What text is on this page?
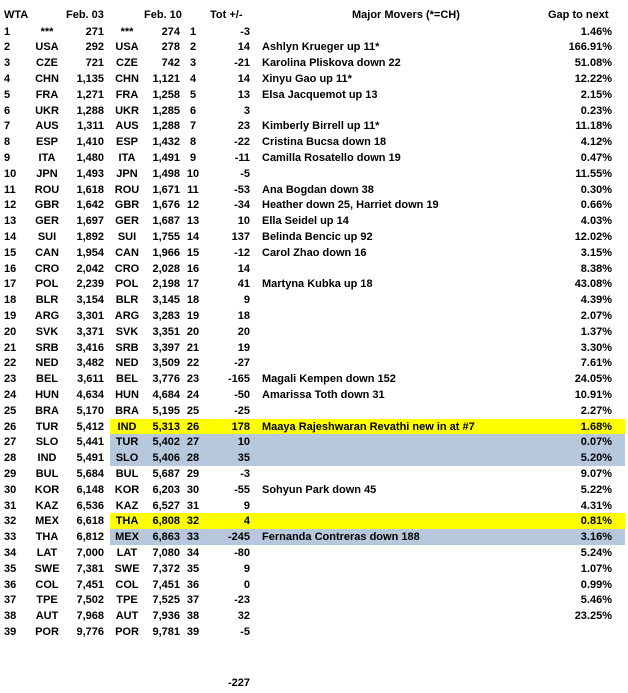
WTA	Feb. 03	Feb. 10	Tot +/-	Major Movers (*=CH)	Gap to next
1	***	271	***	274 1	-3	1.46%
2	USA	292	USA	278 2	14 Ashlyn Krueger up 11*	166.91%
3	CZE	721	CZE	742 3	-21 Karolina Pliskova down 22	51.08%
4	CHN	1,135	CHN	1,121 4	14 Xinyu Gao up 11*	12.22%
5	FRA	1,271	FRA	1,258 5	13 Elsa Jacquemot up 13	2.15%
6	UKR	1,288	UKR	1,285 6	3	0.23%
7	AUS	1,311	AUS	1,288 7	23 Kimberly Birrell up 11*	11.18%
8	ESP	1,410	ESP	1,432 8	-22 Cristina Bucsa down 18	4.12%
9	ITA	1,480	ITA	1,491 9	-11 Camilla Rosatello down 19	0.47%
10	JPN	1,493	JPN	1,498 10	-5	11.55%
11	ROU	1,618 ROU	1,671 11	-53 Ana Bogdan down 38	0.30%
12	GBR	1,642 GBR	1,676 12	-34 Heather down 25, Harriet down 19	0.66%
13	GER	1,697	GER	1,687 13	10 Ella Seidel up 14	4.03%
14	SUI	1,892	SUI	1,755 14	137 Belinda Bencic up 92	12.02%
15	CAN	1,954	CAN	1,966 15	-12 Carol Zhao down 16	3.15%
16	CRO	2,042 CRO	2,028 16	14	8.38%
17	POL	2,239	POL	2,198 17	41 Martyna Kubka up 18	43.08%
18	BLR	3,154	BLR	3,145 18	9	4.39%
19	ARG	3,301 ARG	3,283 19	18	2.07%
20	SVK	3,371	SVK	3,351 20	20	1.37%
21	SRB	3,416	SRB	3,397 21	19	3.30%
22	NED	3,482	NED	3,509 22	-27	7.61%
23	BEL	3,611	BEL	3,776 23	-165 Magali Kempen down 152	24.05%
24	HUN	4,634	HUN	4,684 24	-50 Amarissa Toth down 31	10.91%
25	BRA	5,170	BRA	5,195 25	-25	2.27%
26	TUR	5,412	IND	5,313 26	178 Maaya Rajeshwaran Revathi new in at #7	1.68%
27	SLO	5,441	TUR	5,402 27	10	0.07%
28	IND	5,491	SLO	5,406 28	35	5.20%
29	BUL	5,684	BUL	5,687 29	-3	9.07%
30	KOR	6,148 KOR	6,203 30	-55 Sohyun Park down 45	5.22%
31	KAZ	6,536	KAZ	6,527 31	9	4.31%
32	MEX	6,618	THA	6,808 32	4	0.81%
33	THA	6,812	MEX	6,863 33	-245 Fernanda Contreras down 188	3.16%
34	LAT	7,000	LAT	7,080 34	-80	5.24%
35	SWE	7,381 SWE	7,372 35	9	1.07%
36	COL	7,451	COL	7,451 36	0	0.99%
37	TPE	7,502	TPE	7,525 37	-23	5.46%
38	AUT	7,968	AUT	7,936 38	32	23.25%
39	POR	9,776	POR	9,781 39	-5
-227
